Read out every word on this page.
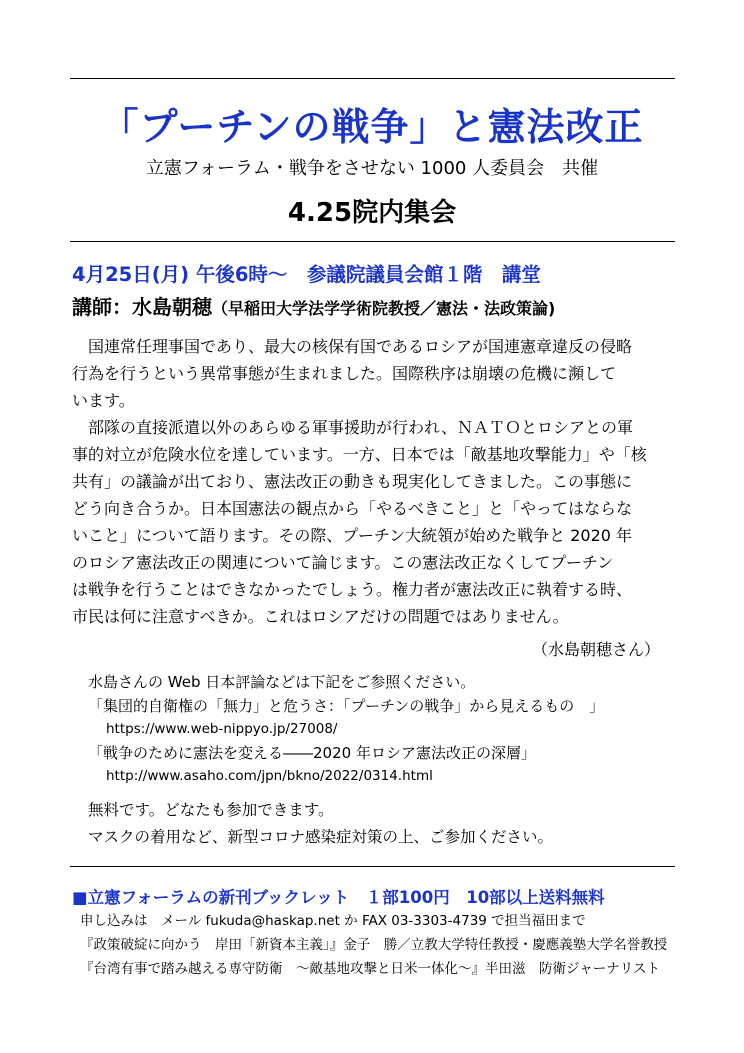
「プーチンの戦争」と憲法改正
立憲フォーラム・戦争をさせない 1000 人委員会　共催
4.25院内集会
4月25日(月) 午後6時～　参議院議員会館１階　講堂
講師：水島朝穂（早稲田大学法学学術院教授／憲法・法政策論)

　国連常任理事国であり、最大の核保有国であるロシアが国連憲章違反の侵略

行為を行うという異常事態が生まれました。国際秩序は崩壊の危機に瀕して

います。

　部隊の直接派遣以外のあらゆる軍事援助が行われ、ＮＡＴＯとロシアとの軍

事的対立が危険水位を達しています。一方、日本では「敵基地攻撃能力」や「核

共有」の議論が出ており、憲法改正の動きも現実化してきました。この事態に

どう向き合うか。日本国憲法の観点から「やるべきこと」と「やってはならな

いこと」について語ります。その際、プーチン大統領が始めた戦争と 2020 年

のロシア憲法改正の関連について論じます。この憲法改正なくしてプーチン

は戦争を行うことはできなかったでしょう。権力者が憲法改正に執着する時、

市民は何に注意すべきか。これはロシアだけの問題ではありません。

（水島朝穂さん）
水島さんの Web 日本評論などは下記をご参照ください。
「集団的自衛権の「無力」と危うさ：「プーチンの戦争」から見えるもの　」
https://www.web-nippyo.jp/27008/
「戦争のために憲法を変える――2020 年ロシア憲法改正の深層」
http://www.asaho.com/jpn/bkno/2022/0314.html
無料です。どなたも参加できます。
マスクの着用など、新型コロナ感染症対策の上、ご参加ください。
■立憲フォーラムの新刊ブックレット　１部100円　10部以上送料無料
申し込みは　メール fukuda@haskap.net か FAX 03-3303-4739 で担当福田まで
『政策破綻に向かう　岸田「新資本主義」』金子　勝／立教大学特任教授・慶應義塾大学名誉教授
『台湾有事で踏み越える専守防衛　～敵基地攻撃と日米一体化～』半田滋　防衛ジャーナリスト
